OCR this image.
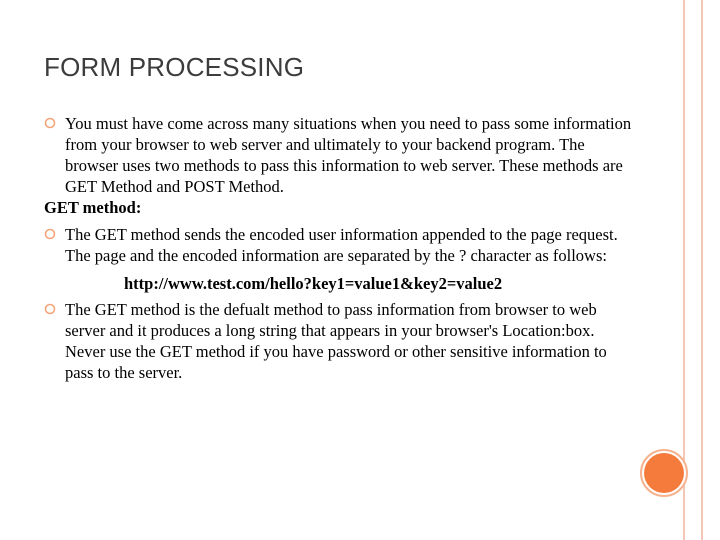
FORM PROCESSING
You must have come across many situations when you need to pass some information from your browser to web server and ultimately to your backend program. The browser uses two methods to pass this information to web server. These methods are GET Method and POST Method.
GET method:
The GET method sends the encoded user information appended to the page request. The page and the encoded information are separated by the ? character as follows:
http://www.test.com/hello?key1=value1&key2=value2
The GET method is the defualt method to pass information from browser to web server and it produces a long string that appears in your browser's Location:box. Never use the GET method if you have password or other sensitive information to pass to the server.
